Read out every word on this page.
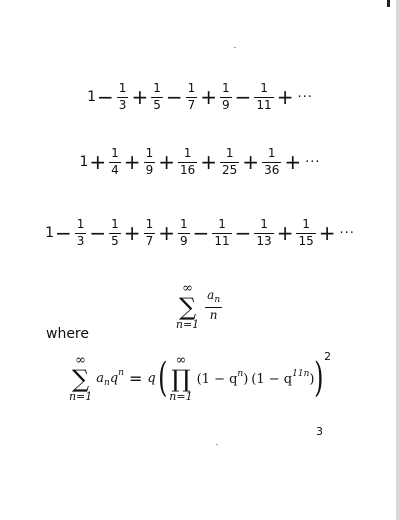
$1 - \frac{1}{3} + \frac{1}{5} - \frac{1}{7} + \frac{1}{9} - \frac{1}{11}$ + ···
$1 + \frac{1}{4} + \frac{1}{9} + \frac{1}{16} + \frac{1}{25} + \frac{1}{36}$ + ···
$1 - \frac{1}{3} - \frac{1}{5} + \frac{1}{7} + \frac{1}{9} - \frac{1}{11} - \frac{1}{13} + \frac{1}{15}$ + ···
∞
∑
n=1
$\frac{a_n}{n}$
where
∞
∑
n=1
$a_nq^n = q$ ( ∞
∏
n=1
$(1 - q^n)$ $(1 - q^{11n})$ ) 2
3
